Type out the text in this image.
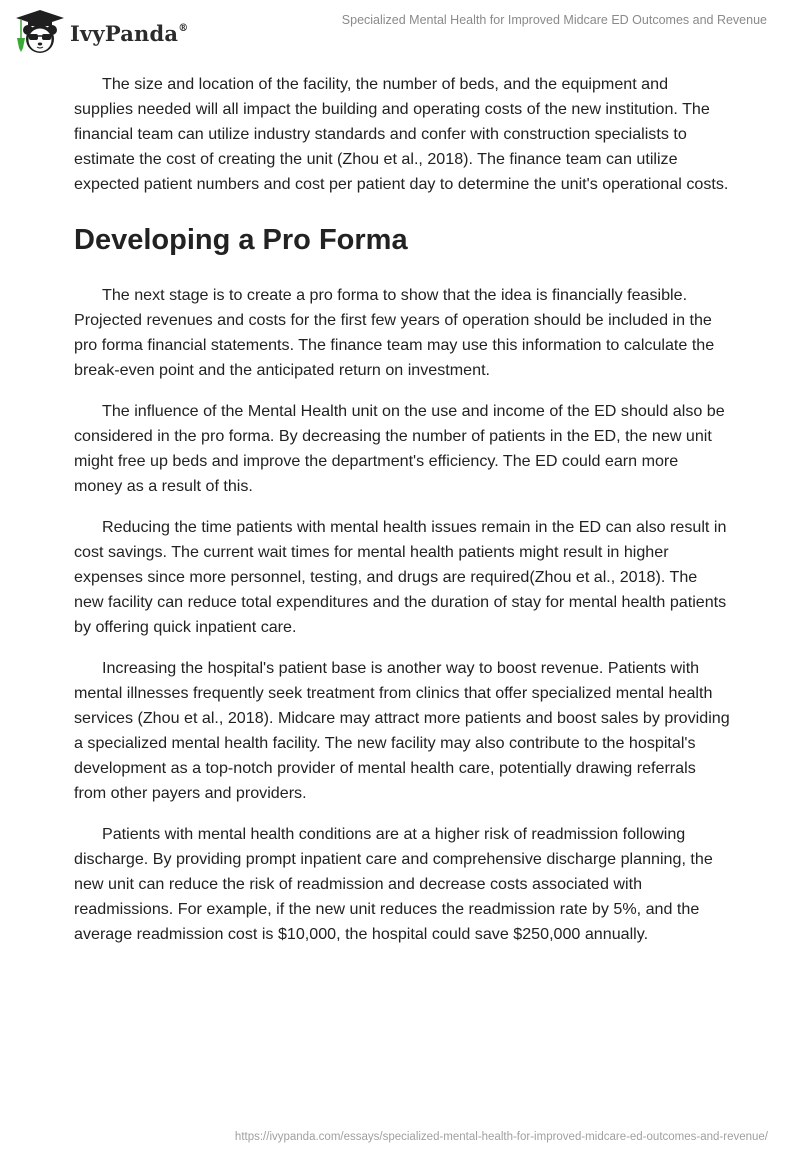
IvyPanda®
Specialized Mental Health for Improved Midcare ED Outcomes and Revenue

The size and location of the facility, the number of beds, and the equipment and supplies needed will all impact the building and operating costs of the new institution. The financial team can utilize industry standards and confer with construction specialists to estimate the cost of creating the unit (Zhou et al., 2018). The finance team can utilize expected patient numbers and cost per patient day to determine the unit's operational costs.

Developing a Pro Forma

The next stage is to create a pro forma to show that the idea is financially feasible. Projected revenues and costs for the first few years of operation should be included in the pro forma financial statements. The finance team may use this information to calculate the break-even point and the anticipated return on investment.

The influence of the Mental Health unit on the use and income of the ED should also be considered in the pro forma. By decreasing the number of patients in the ED, the new unit might free up beds and improve the department's efficiency. The ED could earn more money as a result of this.

Reducing the time patients with mental health issues remain in the ED can also result in cost savings. The current wait times for mental health patients might result in higher expenses since more personnel, testing, and drugs are required(Zhou et al., 2018). The new facility can reduce total expenditures and the duration of stay for mental health patients by offering quick inpatient care.

Increasing the hospital's patient base is another way to boost revenue. Patients with mental illnesses frequently seek treatment from clinics that offer specialized mental health services (Zhou et al., 2018). Midcare may attract more patients and boost sales by providing a specialized mental health facility. The new facility may also contribute to the hospital's development as a top-notch provider of mental health care, potentially drawing referrals from other payers and providers.

Patients with mental health conditions are at a higher risk of readmission following discharge. By providing prompt inpatient care and comprehensive discharge planning, the new unit can reduce the risk of readmission and decrease costs associated with readmissions. For example, if the new unit reduces the readmission rate by 5%, and the average readmission cost is $10,000, the hospital could save $250,000 annually.

https://ivypanda.com/essays/specialized-mental-health-for-improved-midcare-ed-outcomes-and-revenue/
